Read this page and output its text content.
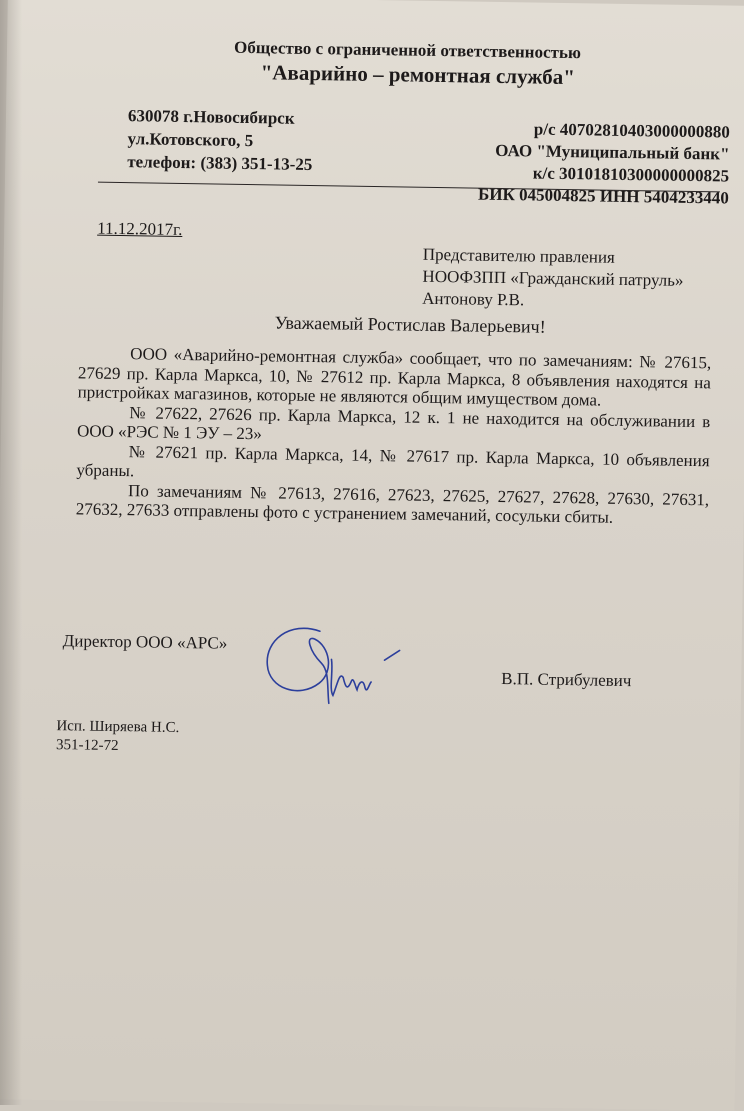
Общество с ограниченной ответственностью
"Аварийно – ремонтная служба"
630078 г.Новосибирск
ул.Котовского, 5
телефон: (383) 351-13-25
р/с 40702810403000000880
ОАО "Муниципальный банк"
к/с 30101810300000000825
БИК 045004825 ИНН 5404233440
11.12.2017г.
Представителю правления
НООФЗПП «Гражданский патруль»
Антонову Р.В.
Уважаемый Ростислав Валерьевич!

ООО «Аварийно-ремонтная служба» сообщает, что по замечаниям: № 27615, 27629 пр. Карла Маркса, 10, № 27612 пр. Карла Маркса, 8 объявления находятся на пристройках магазинов, которые не являются общим имуществом дома.

№ 27622, 27626 пр. Карла Маркса, 12 к. 1 не находится на обслуживании в ООО «РЭС № 1 ЭУ – 23»

№ 27621 пр. Карла Маркса, 14, № 27617 пр. Карла Маркса, 10 объявления убраны.

По замечаниям № 27613, 27616, 27623, 27625, 27627, 27628, 27630, 27631, 27632, 27633 отправлены фото с устранением замечаний, сосульки сбиты.

Директор ООО «АРС»
В.П. Стрибулевич
Исп. Ширяева Н.С.
351-12-72
